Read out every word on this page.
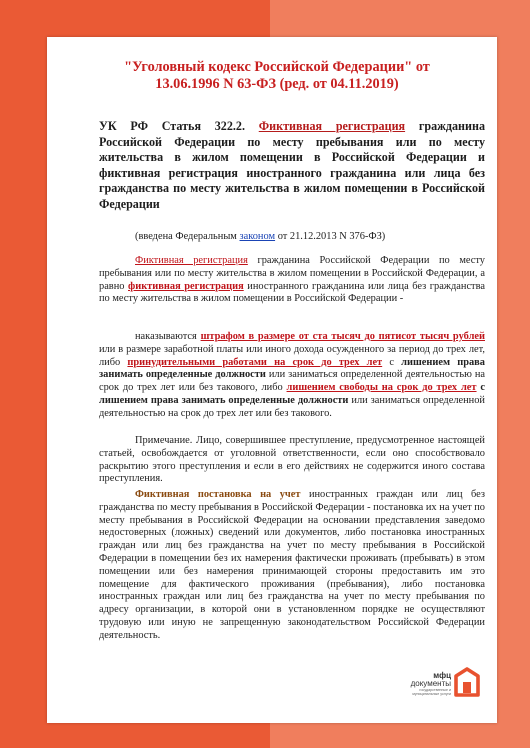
"Уголовный кодекс Российской Федерации" от 13.06.1996 N 63-ФЗ (ред. от 04.11.2019)
УК РФ Статья 322.2. Фиктивная регистрация гражданина Российской Федерации по месту пребывания или по месту жительства в жилом помещении в Российской Федерации и фиктивная регистрация иностранного гражданина или лица без гражданства по месту жительства в жилом помещении в Российской Федерации
(введена Федеральным законом от 21.12.2013 N 376-ФЗ)
Фиктивная регистрация гражданина Российской Федерации по месту пребывания или по месту жительства в жилом помещении в Российской Федерации, а равно фиктивная регистрация иностранного гражданина или лица без гражданства по месту жительства в жилом помещении в Российской Федерации -
наказываются штрафом в размере от ста тысяч до пятисот тысяч рублей или в размере заработной платы или иного дохода осужденного за период до трех лет, либо принудительными работами на срок до трех лет с лишением права занимать определенные должности или заниматься определенной деятельностью на срок до трех лет или без такового, либо лишением свободы на срок до трех лет с лишением права занимать определенные должности или заниматься определенной деятельностью на срок до трех лет или без такового.
Примечание. Лицо, совершившее преступление, предусмотренное настоящей статьей, освобождается от уголовной ответственности, если оно способствовало раскрытию этого преступления и если в его действиях не содержится иного состава преступления.
Фиктивная постановка на учет иностранных граждан или лиц без гражданства по месту пребывания в Российской Федерации - постановка их на учет по месту пребывания в Российской Федерации на основании представления заведомо недостоверных (ложных) сведений или документов, либо постановка иностранных граждан или лиц без гражданства на учет по месту пребывания в Российской Федерации в помещении без их намерения фактически проживать (пребывать) в этом помещении или без намерения принимающей стороны предоставить им это помещение для фактического проживания (пребывания), либо постановка иностранных граждан или лиц без гражданства на учет по месту пребывания по адресу организации, в которой они в установленном порядке не осуществляют трудовую или иную не запрещенную законодательством Российской Федерации деятельность.
мфц
документы
государственные и муниципальные услуги
